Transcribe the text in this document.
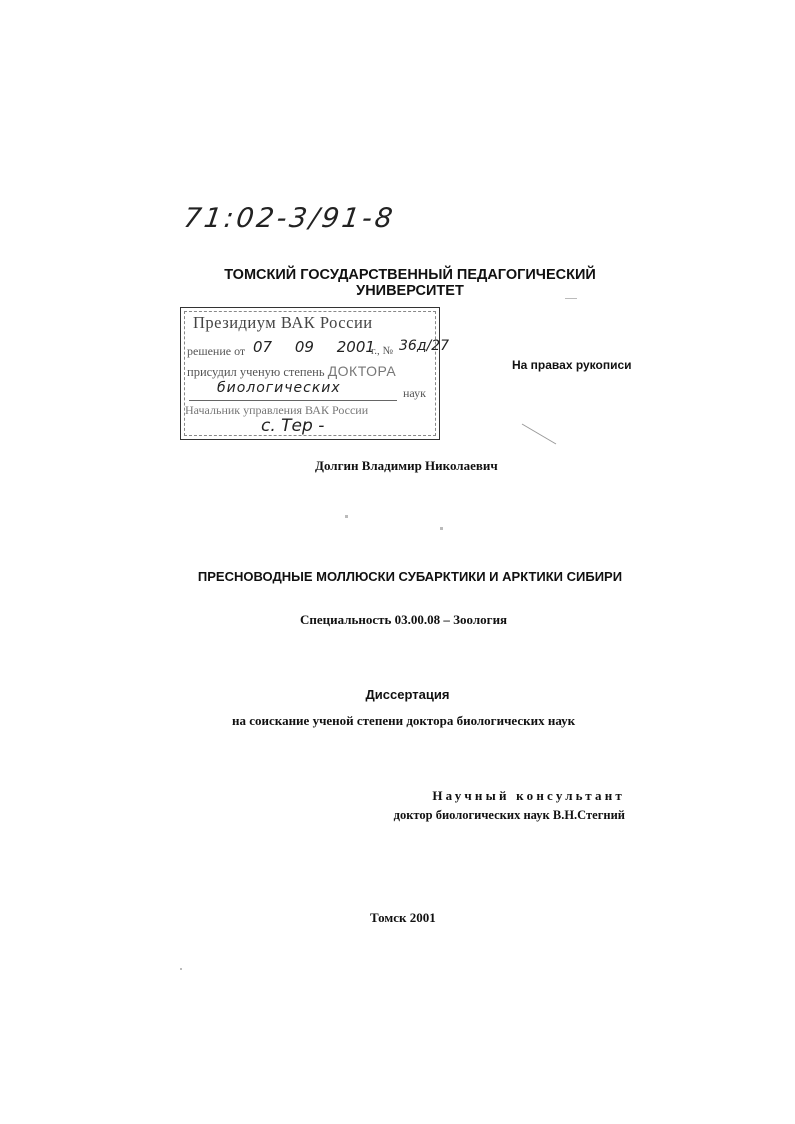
71:02-3/91-8
ТОМСКИЙ ГОСУДАРСТВЕННЫЙ ПЕДАГОГИЧЕСКИЙ УНИВЕРСИТЕТ
Президиум ВАК России
решение от 07 09 2001
г., № 36д/27
присудил ученую степень ДОКТОРА
биологических	наук
Начальник управления ВАК России
с. Тер -
На правах рукописи
Долгин Владимир Николаевич
ПРЕСНОВОДНЫЕ МОЛЛЮСКИ СУБАРКТИКИ И АРКТИКИ СИБИРИ
Специальность 03.00.08 – Зоология
Диссертация
на соискание ученой степени доктора биологических наук
Научный консультант
доктор биологических наук В.Н.Стегний
Томск 2001
